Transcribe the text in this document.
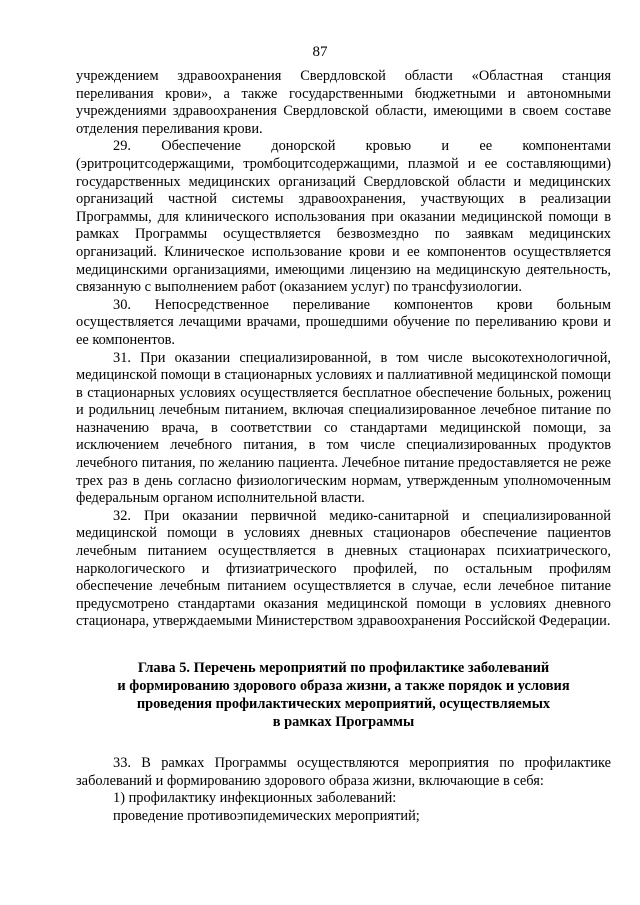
87

учреждением здравоохранения Свердловской области «Областная станция переливания крови», а также государственными бюджетными и автономными учреждениями здравоохранения Свердловской области, имеющими в своем составе отделения переливания крови.

29. Обеспечение донорской кровью и ее компонентами (эритроцитсодержащими, тромбоцитсодержащими, плазмой и ее составляющими) государственных медицинских организаций Свердловской области и медицинских организаций частной системы здравоохранения, участвующих в реализации Программы, для клинического использования при оказании медицинской помощи в рамках Программы осуществляется безвозмездно по заявкам медицинских организаций. Клиническое использование крови и ее компонентов осуществляется медицинскими организациями, имеющими лицензию на медицинскую деятельность, связанную с выполнением работ (оказанием услуг) по трансфузиологии.

30. Непосредственное переливание компонентов крови больным осуществляется лечащими врачами, прошедшими обучение по переливанию крови и ее компонентов.

31. При оказании специализированной, в том числе высокотехнологичной, медицинской помощи в стационарных условиях и паллиативной медицинской помощи в стационарных условиях осуществляется бесплатное обеспечение больных, рожениц и родильниц лечебным питанием, включая специализированное лечебное питание по назначению врача, в соответствии со стандартами медицинской помощи, за исключением лечебного питания, в том числе специализированных продуктов лечебного питания, по желанию пациента. Лечебное питание предоставляется не реже трех раз в день согласно физиологическим нормам, утвержденным уполномоченным федеральным органом исполнительной власти.

32. При оказании первичной медико-санитарной и специализированной медицинской помощи в условиях дневных стационаров обеспечение пациентов лечебным питанием осуществляется в дневных стационарах психиатрического, наркологического и фтизиатрического профилей, по остальным профилям обеспечение лечебным питанием осуществляется в случае, если лечебное питание предусмотрено стандартами оказания медицинской помощи в условиях дневного стационара, утверждаемыми Министерством здравоохранения Российской Федерации.

Глава 5. Перечень мероприятий по профилактике заболеваний
и формированию здорового образа жизни, а также порядок и условия
проведения профилактических мероприятий, осуществляемых
в рамках Программы

33. В рамках Программы осуществляются мероприятия по профилактике заболеваний и формированию здорового образа жизни, включающие в себя:

1) профилактику инфекционных заболеваний:

проведение противоэпидемических мероприятий;
